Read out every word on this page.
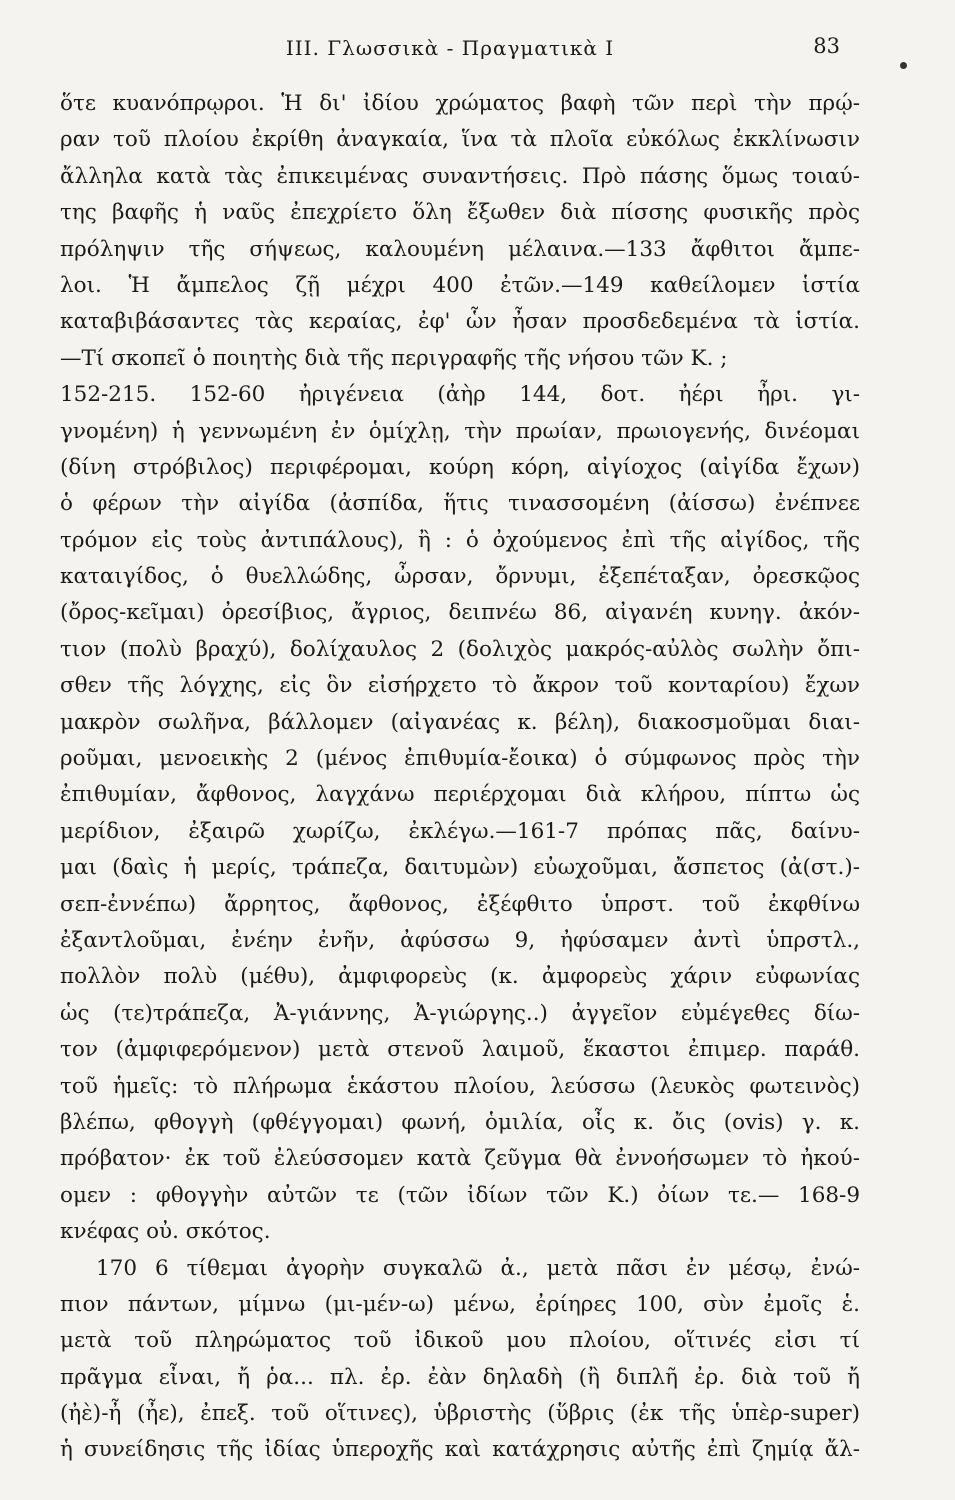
III. Γλωσσικὰ - Πραγματικὰ I	83
ὅτε κυανόπρῳροι. Ἡ δι' ἰδίου χρώματος βαφὴ τῶν περὶ τὴν πρῴ-
ραν τοῦ πλοίου ἐκρίθη ἀναγκαία, ἵνα τὰ πλοῖα εὐκόλως ἐκκλίνωσιν
ἄλληλα κατὰ τὰς ἐπικειμένας συναντήσεις. Πρὸ πάσης ὅμως τοιαύ-
της βαφῆς ἡ ναῦς ἐπεχρίετο ὅλη ἔξωθεν διὰ πίσσης φυσικῆς πρὸς
πρόληψιν τῆς σήψεως, καλουμένη μέλαινα.—133 ἄφθιτοι ἄμπε-
λοι. Ἡ ἄμπελος ζῇ μέχρι 400 ἐτῶν.—149 καθείλομεν ἱστία
καταβιβάσαντες τὰς κεραίας, ἐφ' ὧν ἦσαν προσδεδεμένα τὰ ἱστία.
—Τί σκοπεῖ ὁ ποιητὴς διὰ τῆς περιγραφῆς τῆς νήσου τῶν Κ. ;
152-215. 152-60 ἠριγένεια (ἀὴρ 144, δοτ. ἠέρι ἦρι. γι-
γνομένη) ἡ γεννωμένη ἐν ὁμίχλῃ, τὴν πρωίαν, πρωιογενής, δινέομαι
(δίνη στρόβιλος) περιφέρομαι, κούρη κόρη, αἰγίοχος (αἰγίδα ἔχων)
ὁ φέρων τὴν αἰγίδα (ἀσπίδα, ἥτις τινασσομένη (ἀίσσω) ἐνέπνεε
τρόμον εἰς τοὺς ἀντιπάλους), ἢ : ὁ ὀχούμενος ἐπὶ τῆς αἰγίδος, τῆς
καταιγίδος, ὁ θυελλώδης, ὦρσαν, ὄρνυμι, ἐξεπέταξαν, ὀρεσκῷος
(ὄρος-κεῖμαι) ὀρεσίβιος, ἄγριος, δειπνέω 86, αἰγανέη κυνηγ. ἀκόν-
τιον (πολὺ βραχύ), δολίχαυλος 2 (δολιχὸς μακρός-αὐλὸς σωλὴν ὄπι-
σθεν τῆς λόγχης, εἰς ὃν εἰσήρχετο τὸ ἄκρον τοῦ κονταρίου) ἔχων
μακρὸν σωλῆνα, βάλλομεν (αἰγανέας κ. βέλη), διακοσμοῦμαι διαι-
ροῦμαι, μενοεικὴς 2 (μένος ἐπιθυμία-ἔοικα) ὁ σύμφωνος πρὸς τὴν
ἐπιθυμίαν, ἄφθονος, λαγχάνω περιέρχομαι διὰ κλήρου, πίπτω ὡς
μερίδιον, ἐξαιρῶ χωρίζω, ἐκλέγω.—161-7 πρόπας πᾶς, δαίνυ-
μαι (δαὶς ἡ μερίς, τράπεζα, δαιτυμὼν) εὐωχοῦμαι, ἄσπετος (ἀ(στ.)-
σεπ-ἐννέπω) ἄρρητος, ἄφθονος, ἐξέφθιτο ὑπρστ. τοῦ ἐκφθίνω
ἐξαντλοῦμαι, ἐνέην ἐνῆν, ἀφύσσω 9, ἠφύσαμεν ἀντὶ ὑπρστλ.,
πολλὸν πολὺ (μέθυ), ἀμφιφορεὺς (κ. ἀμφορεὺς χάριν εὐφωνίας
ὡς (τε)τράπεζα, Ἀ-γιάννης, Ἀ-γιώργης..) ἀγγεῖον εὐμέγεθες δίω-
τον (ἀμφιφερόμενον) μετὰ στενοῦ λαιμοῦ, ἕκαστοι ἐπιμερ. παράθ.
τοῦ ἡμεῖς: τὸ πλήρωμα ἑκάστου πλοίου, λεύσσω (λευκὸς φωτεινὸς)
βλέπω, φθογγὴ (φθέγγομαι) φωνή, ὁμιλία, οἶς κ. ὄις (ovis) γ. κ.
πρόβατον· ἐκ τοῦ ἐλεύσσομεν κατὰ ζεῦγμα θὰ ἐννοήσωμεν τὸ ἠκού-
ομεν : φθογγὴν αὐτῶν τε (τῶν ἰδίων τῶν Κ.) ὀίων τε.— 168-9
κνέφας οὐ. σκότος.
170 6 τίθεμαι ἀγορὴν συγκαλῶ ἀ., μετὰ πᾶσι ἐν μέσῳ, ἐνώ-
πιον πάντων, μίμνω (μι-μέν-ω) μένω, ἐρίηρες 100, σὺν ἐμοῖς ἑ.
μετὰ τοῦ πληρώματος τοῦ ἰδικοῦ μου πλοίου, οἵτινές εἰσι τί
πρᾶγμα εἶναι, ἤ ῥα... πλ. ἐρ. ἐὰν δηλαδὴ (ἢ διπλῆ ἐρ. διὰ τοῦ ἤ
(ἠὲ)-ἦ (ἦε), ἐπεξ. τοῦ οἵτινες), ὑβριστὴς (ὕβρις (ἐκ τῆς ὑπὲρ-super)
ἡ συνείδησις τῆς ἰδίας ὑπεροχῆς καὶ κατάχρησις αὐτῆς ἐπὶ ζημίᾳ ἄλ-
